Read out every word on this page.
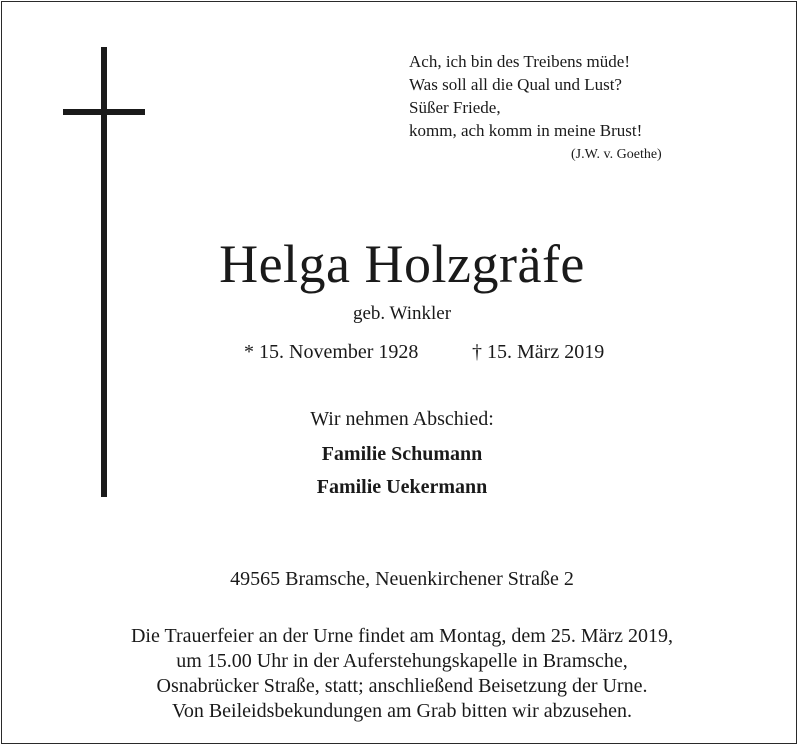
Ach, ich bin des Treibens müde!
Was soll all die Qual und Lust?
Süßer Friede,
komm, ach komm in meine Brust!
(J.W. v. Goethe)
Helga Holzgräfe
geb. Winkler
* 15. November 1928	† 15. März 2019
Wir nehmen Abschied:
Familie Schumann
Familie Uekermann
49565 Bramsche, Neuenkirchener Straße 2
Die Trauerfeier an der Urne findet am Montag, dem 25. März 2019,
um 15.00 Uhr in der Auferstehungskapelle in Bramsche,
Osnabrücker Straße, statt; anschließend Beisetzung der Urne.
Von Beileidsbekundungen am Grab bitten wir abzusehen.
